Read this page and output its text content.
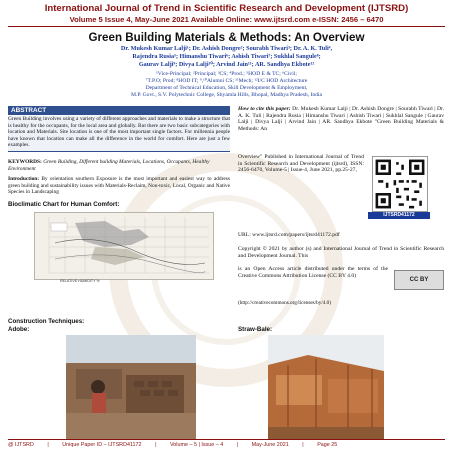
International Journal of Trend in Scientific Research and Development (IJTSRD)
Volume 5 Issue 4, May-June 2021 Available Online: www.ijtsrd.com e-ISSN: 2456 – 6470
Green Building Materials & Methods: An Overview
Dr. Mukesh Kumar Lalji¹; Dr. Ashish Dongre²; Sourabh Tiwari³; Dr. A. K. Tuli⁴,
Rajendra Rusia⁵; Himanshu Tiwari⁶; Ashish Tiwari⁷; Sukhlal Sangule⁸;
Gaurav Lalji⁹; Divya Lalji¹⁰; Arvind Jain¹¹; AR. Sandhya Ekbote¹²
¹Vice-Principal; ²Principal; ³CS; ⁴Prod.; ⁵HOD E & TC; ⁶Civil;
⁷T.P.O; Prod; ⁸HOD IT; ⁹,¹⁰Alumni CS; ¹¹Mech; ¹²I/C HOD Architecture
Department of Technical Education, Skill Development & Employment,
M.P. Govt., S.V. Polytechnic College, Shyamla Hills, Bhopal, Madhya Pradesh, India
ABSTRACT
Green Building involves using a variety of different approaches and materials to make a structure that is healthy for the occupants, for the local area and globally. But there are two basic subcategories with location and Materials. Site location is one of the most important single factors. For millennia people have known that location can make all the difference in the world for comfort. Here are just a few examples.
KEYWORDS: Green Building, Different building Materials, Locations, Occupants, Healthy Environment
Introduction: By orientation southern Exposure is the most important and easiest way to address green building and sustainability issues with Materials-Reclaim, Non-toxic, Local, Organic and Native Species in Landscaping
Bioclimatic Chart for Human Comfort:
RELATIVE HUMIDITY %
How to cite this paper: Dr. Mukesh Kumar Lalji | Dr. Ashish Dongre | Sourabh Tiwari | Dr. A. K. Tuli | Rajendra Rusia | Himanshu Tiwari | Ashish Tiwari | Sukhlal Sangule | Gaurav Lalji | Divya Lalji | Arvind Jain | AR. Sandhya Ekbote "Green Building Materials & Methods: An
Overview" Published in International Journal of Trend in Scientific Research and Development (ijtsrd), ISSN: 2456-6470, Volume-5 | Issue-4, June 2021, pp.25-27,
IJTSRD41172
URL: www.ijtsrd.com/papers/ijtsrd41172.pdf
Copyright © 2021 by author (s) and International Journal of Trend in Scientific Research and Development Journal. This
is an Open Access article distributed under the terms of the Creative Commons Attribution License (CC BY 4.0)
CC BY
(http://creativecommons.org/licenses/by/4.0)
Construction Techniques:
Adobe:	Straw-Bale:
@ IJTSRD	|	Unique Paper ID – IJTSRD41172	|	Volume – 5 | Issue – 4	|	May-June 2021	|	Page 25
